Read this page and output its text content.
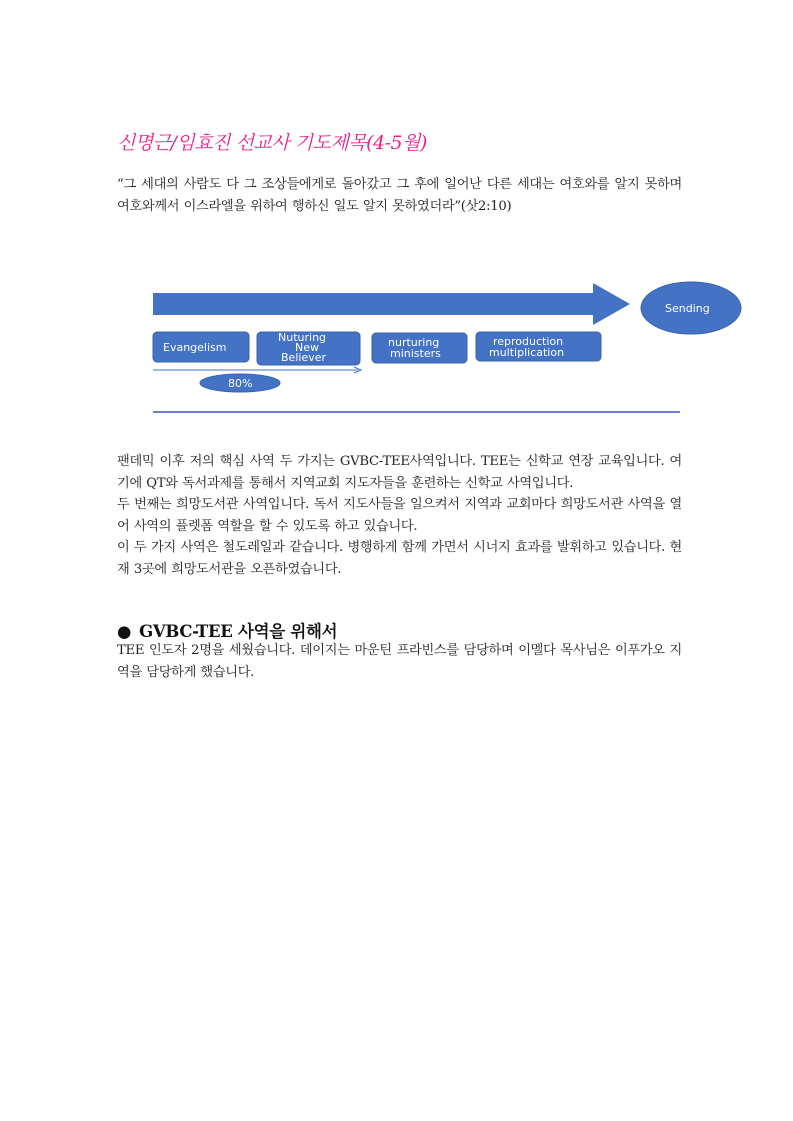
신명근/임효진 선교사 기도제목(4-5월)
“그 세대의 사람도 다 그 조상들에게로 돌아갔고 그 후에 일어난 다른 세대는 여호와를 알지 못하며 여호와께서 이스라엘을 위하여 행하신 일도 알지 못하였더라”(삿2:10)
Sending
Evangelism
Nuturing
New
Believer
nurturing
ministers
reproduction
multiplication
80%
팬데믹 이후 저의 핵심 사역 두 가지는 GVBC-TEE사역입니다. TEE는 신학교 연장 교육입니다. 여기에 QT와 독서과제를 통해서 지역교회 지도자들을 훈련하는 신학교 사역입니다.
두 번째는 희망도서관 사역입니다. 독서 지도사들을 일으켜서 지역과 교회마다 희망도서관 사역을 열어 사역의 플렛폼 역할을 할 수 있도록 하고 있습니다.
이 두 가지 사역은 철도레일과 같습니다. 병행하게 함께 가면서 시너지 효과를 발휘하고 있습니다. 현재 3곳에 희망도서관을 오픈하였습니다.
● GVBC-TEE 사역을 위해서
TEE 인도자 2명을 세웠습니다. 데이지는 마운틴 프라빈스를 담당하며 이멜다 목사님은 이푸가오 지역을 담당하게 했습니다.
